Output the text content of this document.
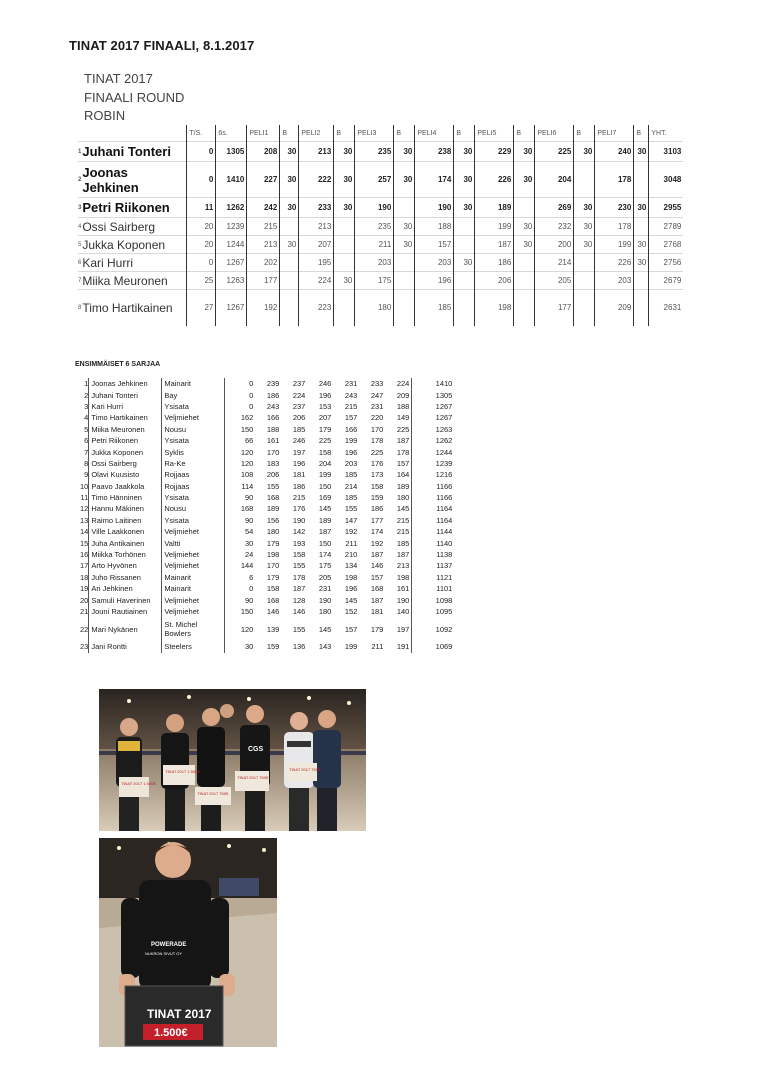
TINAT 2017 FINAALI, 8.1.2017
TINAT 2017
FINAALI ROUND
ROBIN
		T/S.	6s.	PELI1	B	PELI2	B	PELI3	B	PELI4	B	PELI5	B	PELI6	B	PELI7	B	YHT.
1	Juhani Tonteri	0	1305	208	30	213	30	235	30	238	30	229	30	225	30	240	30	3103
2	Joonas Jehkinen	0	1410	227	30	222	30	257	30	174	30	226	30	204		178		3048
3	Petri Riikonen	11	1262	242	30	233	30	190		190	30	189		269	30	230	30	2955
4	Ossi Sairberg	20	1239	215		213		235	30	188		199	30	232	30	178		2789
5	Jukka Koponen	20	1244	213	30	207		211	30	157		187	30	200	30	199	30	2768
6	Kari Hurri	0	1267	202		195		203		203	30	186		214		226	30	2756
7	Miika Meuronen	25	1263	177		224	30	175		196		206		205		203		2679
8	Timo Hartikainen	27	1267	192		223		180		185		198		177		209		2631
ENSIMMÄISET 6 SARJAA
1	Joonas Jehkinen	Mainarit	0	239	237	246	231	233	224	1410
2	Juhani Tonteri	Bay	0	186	224	196	243	247	209	1305
3	Kari Hurri	Ysisata	0	243	237	153	215	231	188	1267
4	Timo Hartikainen	Veljmiehet	162	166	206	207	157	220	149	1267
5	Miika Meuronen	Nousu	150	188	185	179	166	170	225	1263
6	Petri Riikonen	Ysisata	66	161	246	225	199	178	187	1262
7	Jukka Koponen	Syklis	120	170	197	158	196	225	178	1244
8	Ossi Sairberg	Ra-Ke	120	183	196	204	203	176	157	1239
9	Olavi Kuusisto	Rojjaas	108	206	181	199	185	173	164	1216
10	Paavo Jaakkola	Rojjaas	114	155	186	150	214	158	189	1166
11	Timo Hänninen	Ysisata	90	168	215	169	185	159	180	1166
12	Hannu Mäkinen	Nousu	168	189	176	145	155	186	145	1164
13	Raimo Laitinen	Ysisata	90	156	190	189	147	177	215	1164
14	Ville Laakkonen	Veljmiehet	54	180	142	187	192	174	215	1144
15	Juha Antikainen	Valtti	30	179	193	150	211	192	185	1140
16	Miikka Torhönen	Veljmiehet	24	198	158	174	210	187	187	1138
17	Arto Hyvönen	Veljmiehet	144	170	155	175	134	146	213	1137
18	Juho Rissanen	Mainarit	6	179	178	205	198	157	198	1121
19	Ari Jehkinen	Mainarit	0	158	187	231	196	168	161	1101
20	Samuli Haverinen	Veljmiehet	90	168	128	190	145	187	190	1098
21	Jouni Rautiainen	Veljmiehet	150	146	146	180	152	181	140	1095
22	Mari Nykänen	St. Michel Bowlers	120	139	155	145	157	179	197	1092
23	Jani Rontti	Steelers	30	159	136	143	199	211	191	1069
CGS
TINAT 2017 1.500€
TINAT 2017 1.500€
TINAT 2017 750€
TINAT 2017 750€
TINAT 2017 750€
POWERADE
NUKRON SIVUT OY
TINAT 2017
1.500€
